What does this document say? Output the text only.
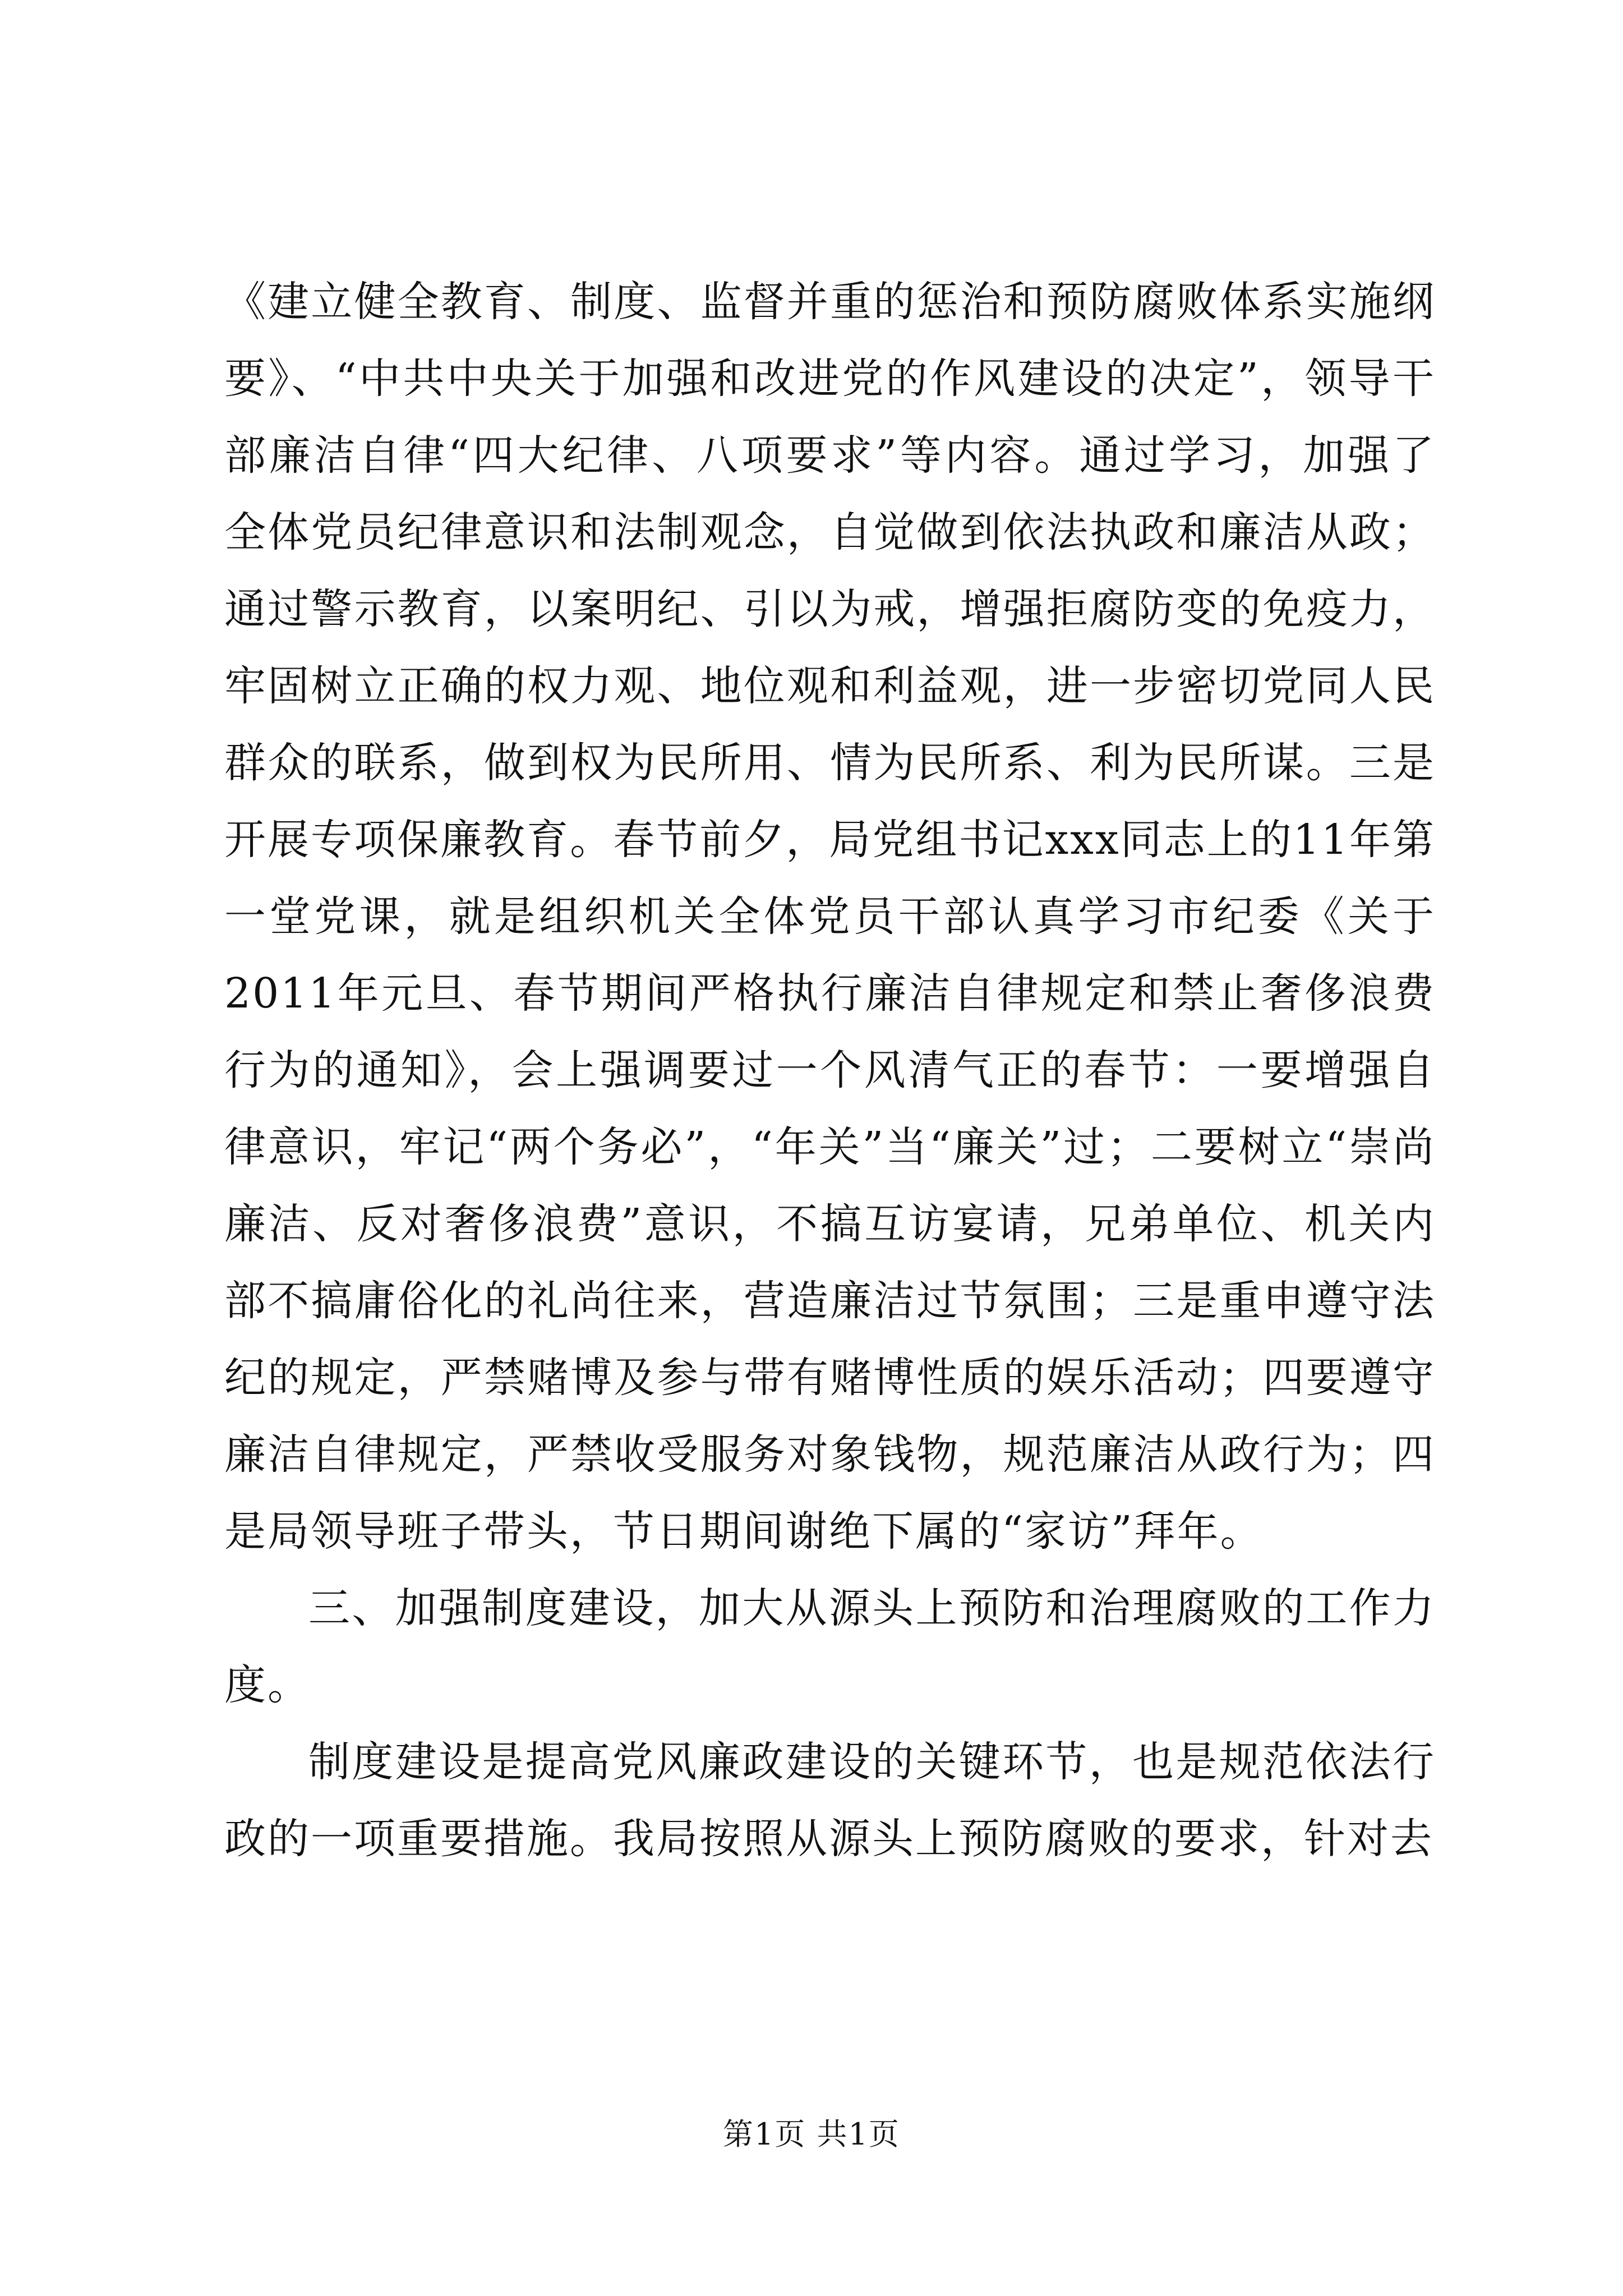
《建立健全教育、制度、监督并重的惩治和预防腐败体系实施纲要》、“中共中央关于加强和改进党的作风建设的决定”，领导干部廉洁自律“四大纪律、八项要求”等内容。通过学习，加强了全体党员纪律意识和法制观念，自觉做到依法执政和廉洁从政；通过警示教育，以案明纪、引以为戒，增强拒腐防变的免疫力，牢固树立正确的权力观、地位观和利益观，进一步密切党同人民群众的联系，做到权为民所用、情为民所系、利为民所谋。三是开展专项保廉教育。春节前夕，局党组书记xxx同志上的11年第一堂党课，就是组织机关全体党员干部认真学习市纪委《关于2011年元旦、春节期间严格执行廉洁自律规定和禁止奢侈浪费行为的通知》，会上强调要过一个风清气正的春节：一要增强自律意识，牢记“两个务必”，“年关”当“廉关”过；二要树立“崇尚廉洁、反对奢侈浪费”意识，不搞互访宴请，兄弟单位、机关内部不搞庸俗化的礼尚往来，营造廉洁过节氛围；三是重申遵守法纪的规定，严禁赌博及参与带有赌博性质的娱乐活动；四要遵守廉洁自律规定，严禁收受服务对象钱物，规范廉洁从政行为；四是局领导班子带头，节日期间谢绝下属的“家访”拜年。

三、加强制度建设，加大从源头上预防和治理腐败的工作力度。

制度建设是提高党风廉政建设的关键环节，也是规范依法行政的一项重要措施。我局按照从源头上预防腐败的要求，针对去

第1页 共1页
